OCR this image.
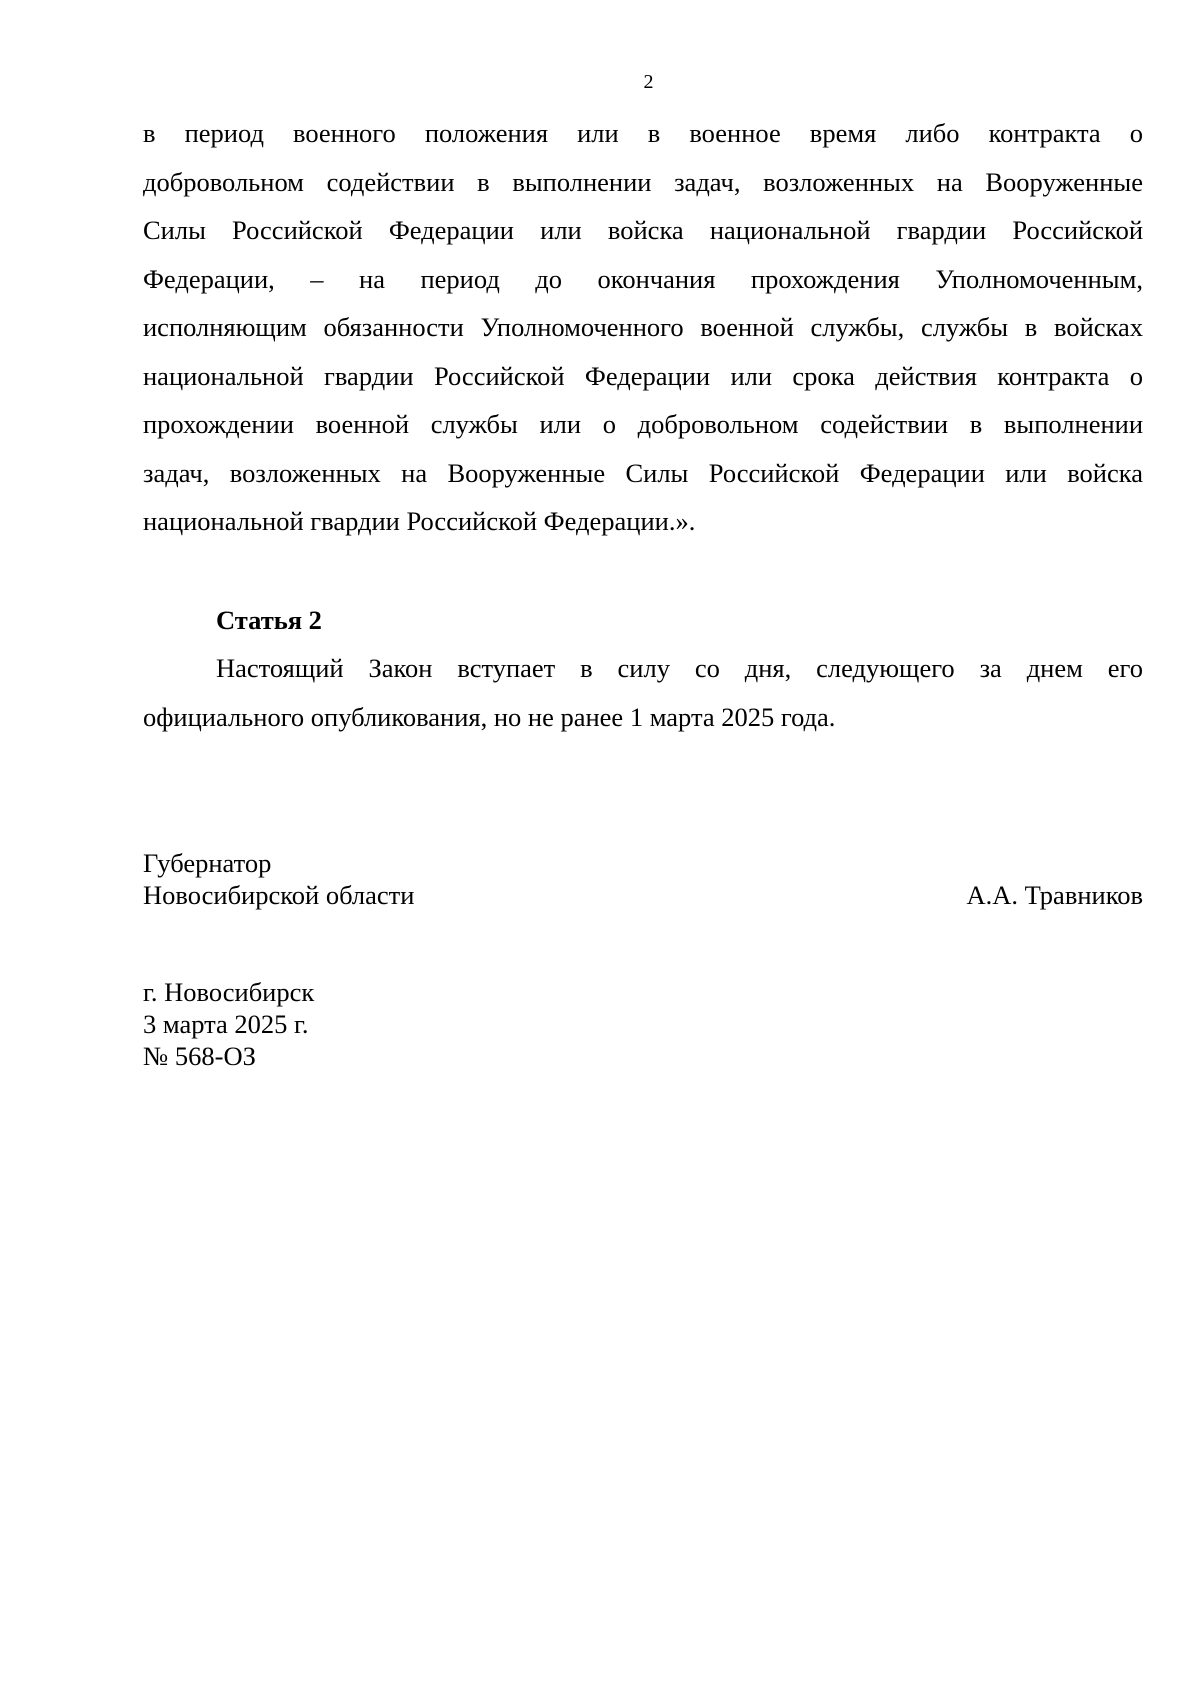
2
в период военного положения или в военное время либо контракта о
добровольном содействии в выполнении задач, возложенных на Вооруженные
Силы Российской Федерации или войска национальной гвардии Российской
Федерации, – на период до окончания прохождения Уполномоченным,
исполняющим обязанности Уполномоченного военной службы, службы в войсках
национальной гвардии Российской Федерации или срока действия контракта о
прохождении военной службы или о добровольном содействии в выполнении
задач, возложенных на Вооруженные Силы Российской Федерации или войска
национальной гвардии Российской Федерации.».
Статья 2
Настоящий Закон вступает в силу со дня, следующего за днем его
официального опубликования, но не ранее 1 марта 2025 года.
Губернатор
Новосибирской области	А.А. Травников
г. Новосибирск
3 марта 2025 г.
№ 568-ОЗ
